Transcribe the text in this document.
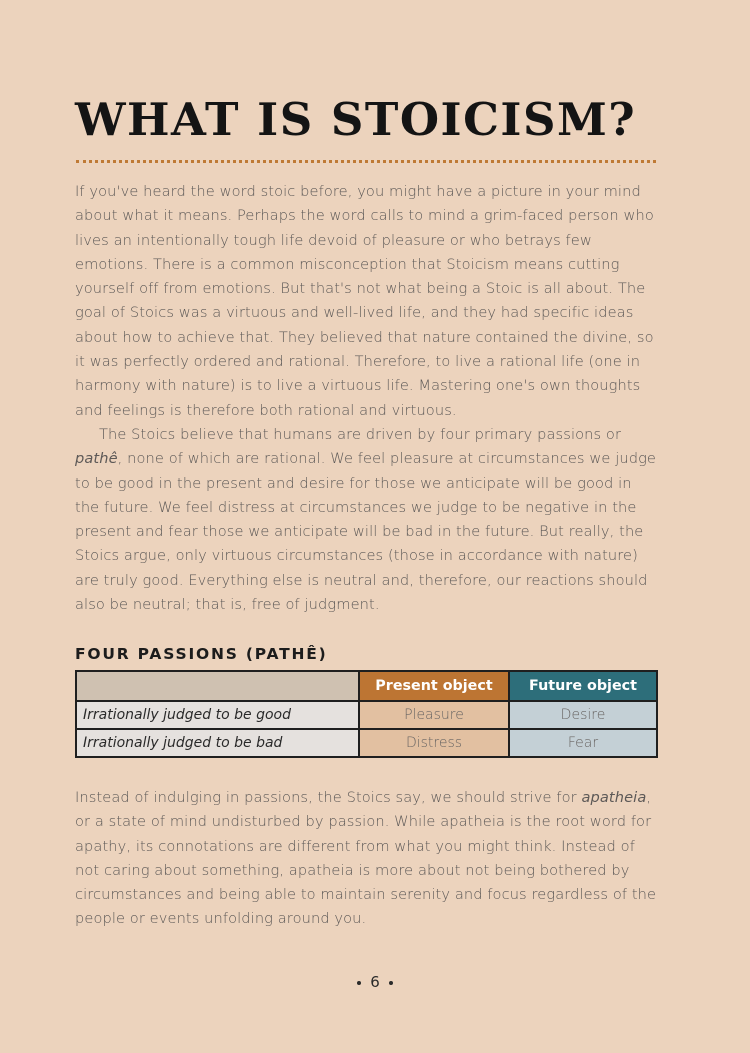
WHAT IS STOICISM?

If you've heard the word stoic before, you might have a picture in your mind about what it means. Perhaps the word calls to mind a grim-faced person who lives an intentionally tough life devoid of pleasure or who betrays few emotions. There is a common misconception that Stoicism means cutting yourself off from emotions. But that's not what being a Stoic is all about. The goal of Stoics was a virtuous and well-lived life, and they had specific ideas about how to achieve that. They believed that nature contained the divine, so it was perfectly ordered and rational. Therefore, to live a rational life (one in harmony with nature) is to live a virtuous life. Mastering one's own thoughts and feelings is therefore both rational and virtuous.

The Stoics believe that humans are driven by four primary passions or pathê, none of which are rational. We feel pleasure at circumstances we judge to be good in the present and desire for those we anticipate will be good in the future. We feel distress at circumstances we judge to be negative in the present and fear those we anticipate will be bad in the future. But really, the Stoics argue, only virtuous circumstances (those in accordance with nature) are truly good. Everything else is neutral and, therefore, our reactions should also be neutral; that is, free of judgment.

FOUR PASSIONS (PATHÊ)
	Present object	Future object
Irrationally judged to be good	Pleasure	Desire
Irrationally judged to be bad	Distress	Fear

Instead of indulging in passions, the Stoics say, we should strive for apatheia, or a state of mind undisturbed by passion. While apatheia is the root word for apathy, its connotations are different from what you might think. Instead of not caring about something, apatheia is more about not being bothered by circumstances and being able to maintain serenity and focus regardless of the people or events unfolding around you.

6
